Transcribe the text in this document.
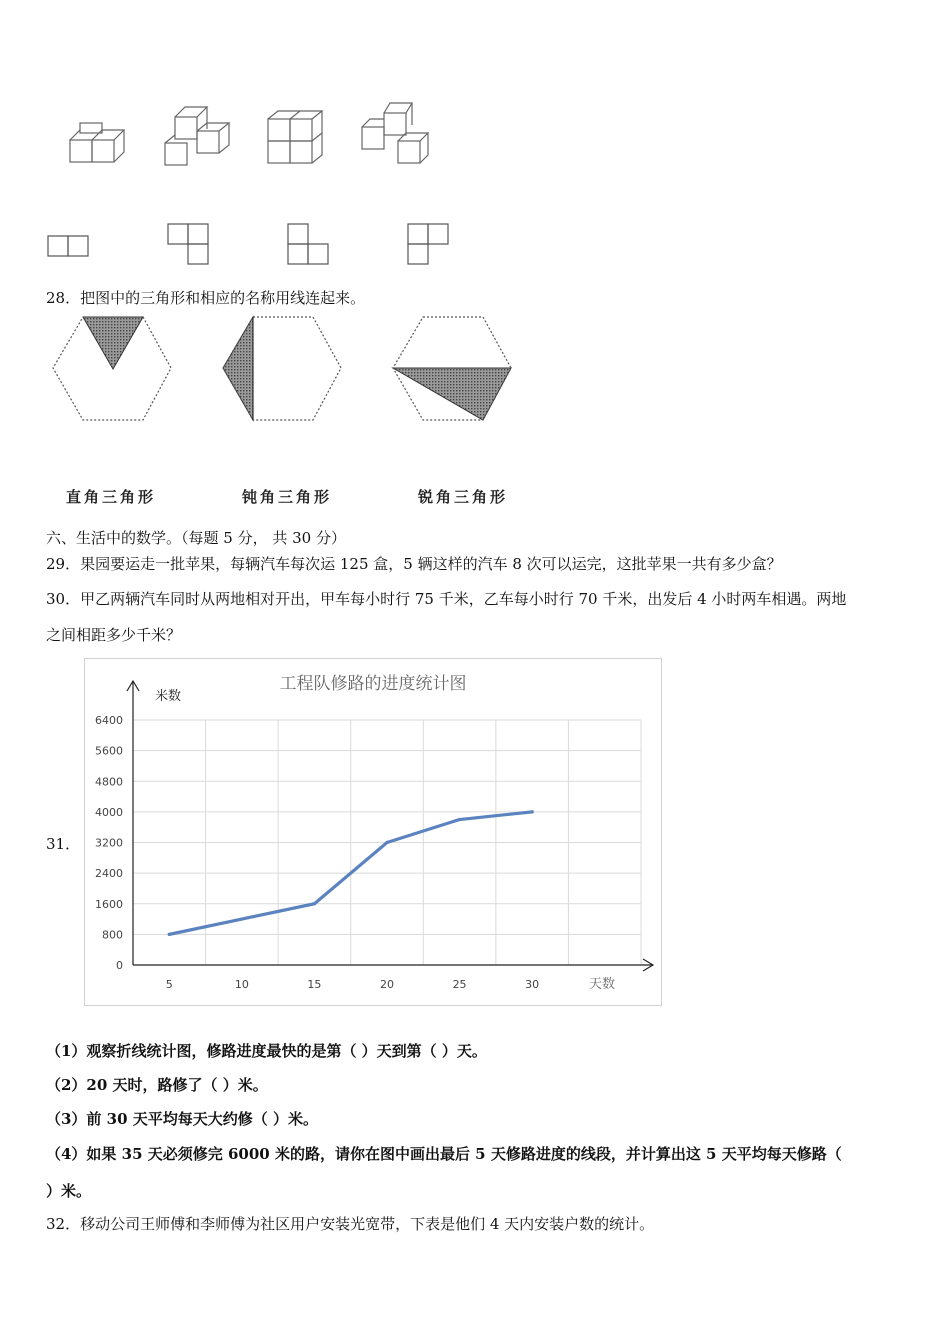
28．把图中的三角形和相应的名称用线连起来。
直角三角形	钝角三角形	锐角三角形
六、生活中的数学。（每题 5 分， 共 30 分）
29．果园要运走一批苹果，每辆汽车每次运 125 盒，5 辆这样的汽车 8 次可以运完，这批苹果一共有多少盒？
30．甲乙两辆汽车同时从两地相对开出，甲车每小时行 75 千米，乙车每小时行 70 千米，出发后 4 小时两车相遇。两地
之间相距多少千米？
31．
工程队修路的进度统计图
米数
天数
0
800
1600
2400
3200
4000
4800
5600
6400
5	10	15	20	25	30
（1）观察折线统计图，修路进度最快的是第（ ）天到第（ ）天。
（2）20 天时，路修了（ ）米。
（3）前 30 天平均每天大约修（ ）米。
（4）如果 35 天必须修完 6000 米的路，请你在图中画出最后 5 天修路进度的线段，并计算出这 5 天平均每天修路（
）米。
32．移动公司王师傅和李师傅为社区用户安装光宽带，下表是他们 4 天内安装户数的统计。
